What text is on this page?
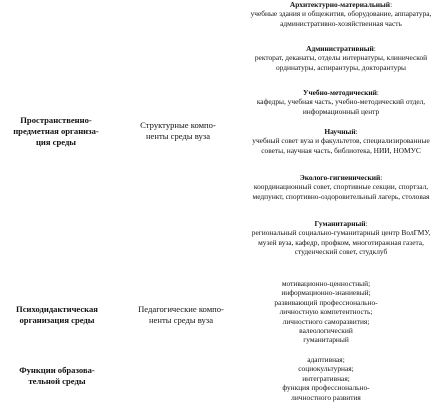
Пространственно-
предметная организа-
ция среды
Структурные компо-
ненты среды вуза
Архитектурно-материальный:
учебные здания и общежития, оборудование, аппаратура, административно-хозяйственная часть
Административный:
ректорат, деканаты, отделы интернатуры, клинической ординатуры, аспирантуры, докторантуры
Учебно-методический:
кафедры, учебная часть, учебно-методический отдел, информационный центр
Научный:
учебный совет вуза и факультетов, специализированные советы, научная часть, библиотека, НИИ, НОМУС
Эколого-гигиенический:
координационный совет, спортивные секции, спортзал, медпункт, спортивно-оздоровительный лагерь, столовая
Гуманитарный:
региональный социально-гуманитарный центр ВолГМУ, музей вуза, кафедр, профком, многотиражная газета, студенческий совет, студклуб
Психодидактическая
организация среды
Педагогические компо-
ненты среды вуза
мотивационно-ценностный;
информационно-знаниевый;
развивающий профессионально-
личностную компетентность;
личностного саморазвития;
валеологический
гуманитарный
Функции образова-
тельной среды
адаптивная;
социокультурная;
интегративная;
функция профессионально-
личностного развития
